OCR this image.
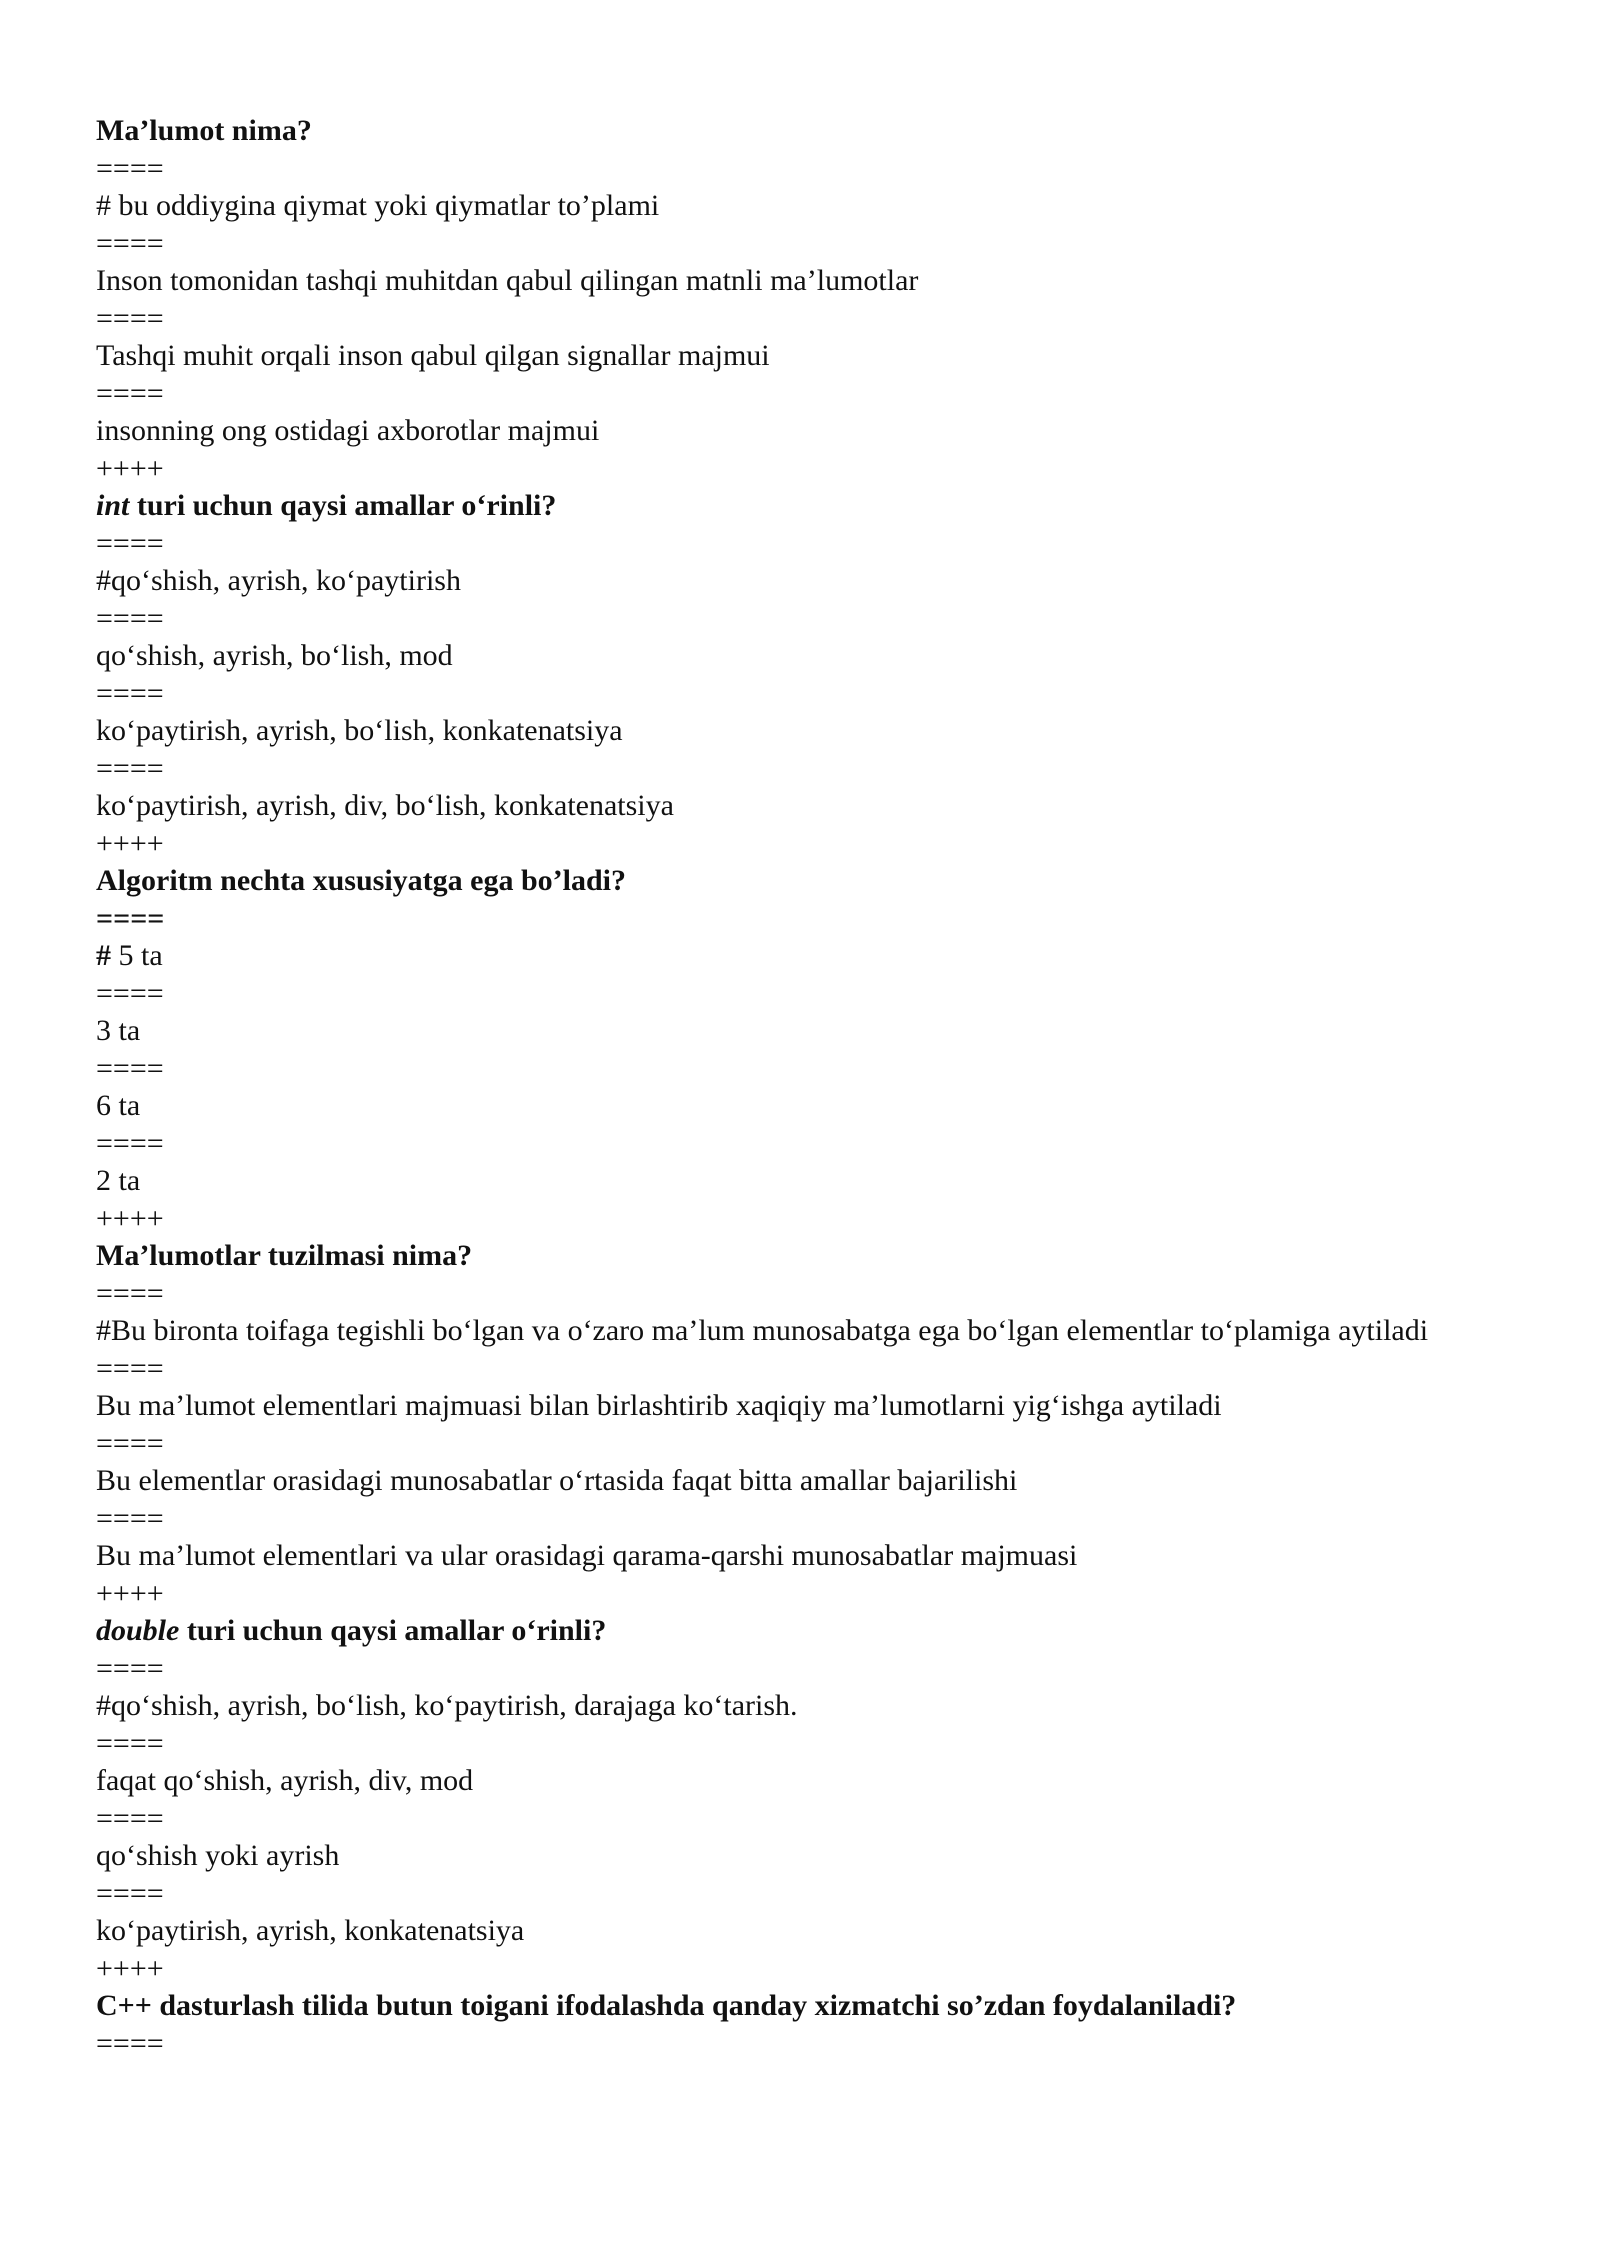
Ma’lumot nima?
====
# bu oddiygina qiymat yoki qiymatlar to’plami
====
Inson tomonidan tashqi muhitdan qabul qilingan matnli ma’lumotlar
====
Tashqi muhit orqali inson qabul qilgan signallar majmui
====
insonning ong ostidagi axborotlar majmui
++++
int turi uchun qaysi amallar o‘rinli?
====
#qo‘shish, ayrish, ko‘paytirish
====
qo‘shish, ayrish, bo‘lish, mod
====
ko‘paytirish, ayrish, bo‘lish, konkatenatsiya
====
ko‘paytirish, ayrish, div, bo‘lish, konkatenatsiya
++++
Algoritm nechta xususiyatga ega bo’ladi?
====
# 5 ta
====
3 ta
====
6 ta
====
2 ta
++++
Ma’lumotlar tuzilmasi nima?
====
#Bu bironta toifaga tegishli bo‘lgan va o‘zaro ma’lum munosabatga ega bo‘lgan elementlar to‘plamiga aytiladi
====
Bu ma’lumot elementlari majmuasi bilan birlashtirib xaqiqiy ma’lumotlarni yig‘ishga aytiladi
====
Bu elementlar orasidagi munosabatlar o‘rtasida faqat bitta amallar bajarilishi
====
Bu ma’lumot elementlari va ular orasidagi qarama-qarshi munosabatlar majmuasi
++++
double turi uchun qaysi amallar o‘rinli?
====
#qo‘shish, ayrish, bo‘lish, ko‘paytirish, darajaga ko‘tarish.
====
faqat qo‘shish, ayrish, div, mod
====
qo‘shish yoki ayrish
====
ko‘paytirish, ayrish, konkatenatsiya
++++
C++ dasturlash tilida butun toigani ifodalashda qanday xizmatchi so’zdan foydalaniladi?
====
